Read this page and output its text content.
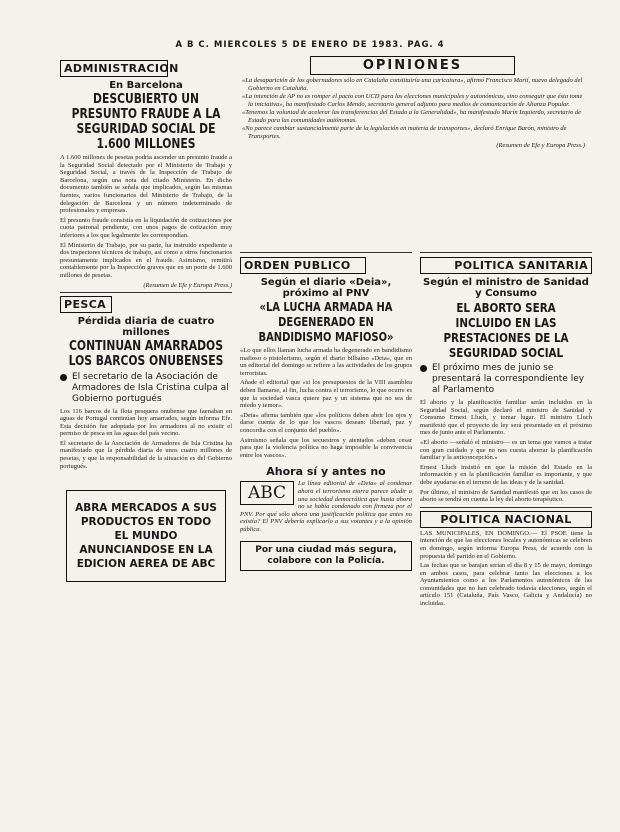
A B C. MIERCOLES 5 DE ENERO DE 1983. PAG. 4
ADMINISTRACION
En Barcelona
DESCUBIERTO UN PRESUNTO FRAUDE A LA SEGURIDAD SOCIAL DE 1.600 MILLONES

A 1.600 millones de pesetas podría ascender un presunto fraude a la Seguridad Social detectado por el Ministerio de Trabajo y Seguridad Social, a través de la Inspección de Trabajo de Barcelona, según una nota del citado Ministerio. En dicho documento también se señala que implicados, según las mismas fuentes, varios funcionarios del Ministerio de Trabajo, de la delegación de Barcelona y un número indeterminado de profesionales y empresas.

El presunto fraude consistía en la liquidación de cotizaciones por cuota patronal pendiente, con unos pagos de cotización muy inferiores a los que legalmente les correspondían.

El Ministerio de Trabajo, por su parte, ha instruido expediente a dos inspectores técnicos de trabajo, así como a otros funcionarios presuntamente implicados en el fraude. Asimismo, remitirá contablemente por la Inspección graves que en un porte de 1.600 millones de pesetas.

(Resumen de Efe y Europa Press.)

PESCA
Pérdida diaria de cuatro millones
CONTINUAN AMARRADOS LOS BARCOS ONUBENSES
El secretario de la Asociación de Armadores de Isla Cristina culpa al Gobierno portugués

Los 116 barcos de la flota pesquera onubense que faenaban en aguas de Portugal continúan hoy amarrados, según informa Efe. Esta decisión fue adoptada por los armadores al no existir el permiso de pesca en las aguas del país vecino.

El secretario de la Asociación de Armadores de Isla Cristina ha manifestado que la pérdida diaria de unos cuatro millones de pesetas, y que la responsabilidad de la situación es del Gobierno portugués.

ABRA MERCADOS A SUS PRODUCTOS EN TODO EL MUNDO ANUNCIANDOSE EN LA EDICION AEREA DE ABC
OPINIONES

«La desaparición de los gobernadores sólo en Cataluña constituiría una caricatura», afirmó Francisco Martí, nuevo delegado del Gobierno en Cataluña.

«La intención de AP no es romper el pacto con UCD para las elecciones municipales y autonómicas, sino conseguir que ésta tome la iniciativa», ha manifestado Carlos Mendo, secretario general adjunto para medios de comunicación de Alianza Popular.

«Tenemos la voluntad de acelerar las transferencias del Estado a la Generalidad», ha manifestado Marín Izquierdo, secretario de Estado para las comunidades autónomas.

«No parece cambiar sustancialmente parte de la legislación en materia de transportes», declaró Enrique Barón, ministro de Transportes.

(Resumen de Efe y Europa Press.)

ORDEN PUBLICO
Según el diario «Deia», próximo al PNV
«LA LUCHA ARMADA HA DEGENERADO EN BANDIDISMO MAFIOSO»

«Lo que ellos llaman lucha armada ha degenerado en bandidismo mafioso o pistolerismo, según el diario bilbaíno «Deia», que en un editorial del domingo se refiere a las actividades de los grupos terroristas.

Añade el editorial que «si los presupuestos de la VIII asamblea deben llamarse, al fin, lucha contra el terrorismo, lo que ocurre es que la sociedad vasca quiere paz y un sistema que no sea de miedo y temor».

«Deia» afirma también que «los políticos deben abrir los ojos y darse cuenta de lo que los vascos desean: libertad, paz y concordia con el conjunto del pueblo».

Asimismo señala que los secuestros y atentados «deben cesar para que la violencia política no haga imposible la convivencia entre los vascos».

Ahora sí y antes no
ABC	La línea editorial de «Deia» al condenar ahora el terrorismo etarra parece aludir a una sociedad democrática que hasta ahora no se había condenado con firmeza por el PNV. Por qué sólo ahora una justificación política que antes no existía? El PNV debería explicarlo a sus votantes y a la opinión pública.

Por una ciudad más segura, colabore con la Policía.
POLITICA SANITARIA
Según el ministro de Sanidad y Consumo
EL ABORTO SERA INCLUIDO EN LAS PRESTACIONES DE LA SEGURIDAD SOCIAL
El próximo mes de junio se presentará la correspondiente ley al Parlamento

El aborto y la planificación familiar serán incluidos en la Seguridad Social, según declaró el ministro de Sanidad y Consumo Ernest Lluch, y tomar lugar. El ministro Lluch manifestó que el proyecto de ley será presentado en el próximo mes de junio ante el Parlamento.

«El aborto —señaló el ministro— es un tema que vamos a tratar con gran cuidado y que no nos cuesta ahorrar la planificación familiar y la anticoncepción.»

Ernest Lluch insistió en que la misión del Estado en la información y en la planificación familiar es importante, y que debe ayudarse en el terreno de las ideas y de la sanidad.

Por último, el ministro de Sanidad manifestó que en los casos de aborto se tendrá en cuenta la ley del aborto terapéutico.

POLITICA NACIONAL

LAS MUNICIPALES, EN DOMINGO.— El PSOE tiene la intención de que las elecciones locales y autonómicas se celebren en domingo, según informa Europa Press, de acuerdo con la propuesta del partido en el Gobierno.

Las fechas que se barajan serían el día 8 y 15 de mayo, domingo en ambos casos, para celebrar tanto las elecciones a los Ayuntamientos como a los Parlamentos autonómicos de las comunidades que no han celebrado todavía elecciones, según el artículo 151 (Cataluña, País Vasco, Galicia y Andalucía) no incluidas.
